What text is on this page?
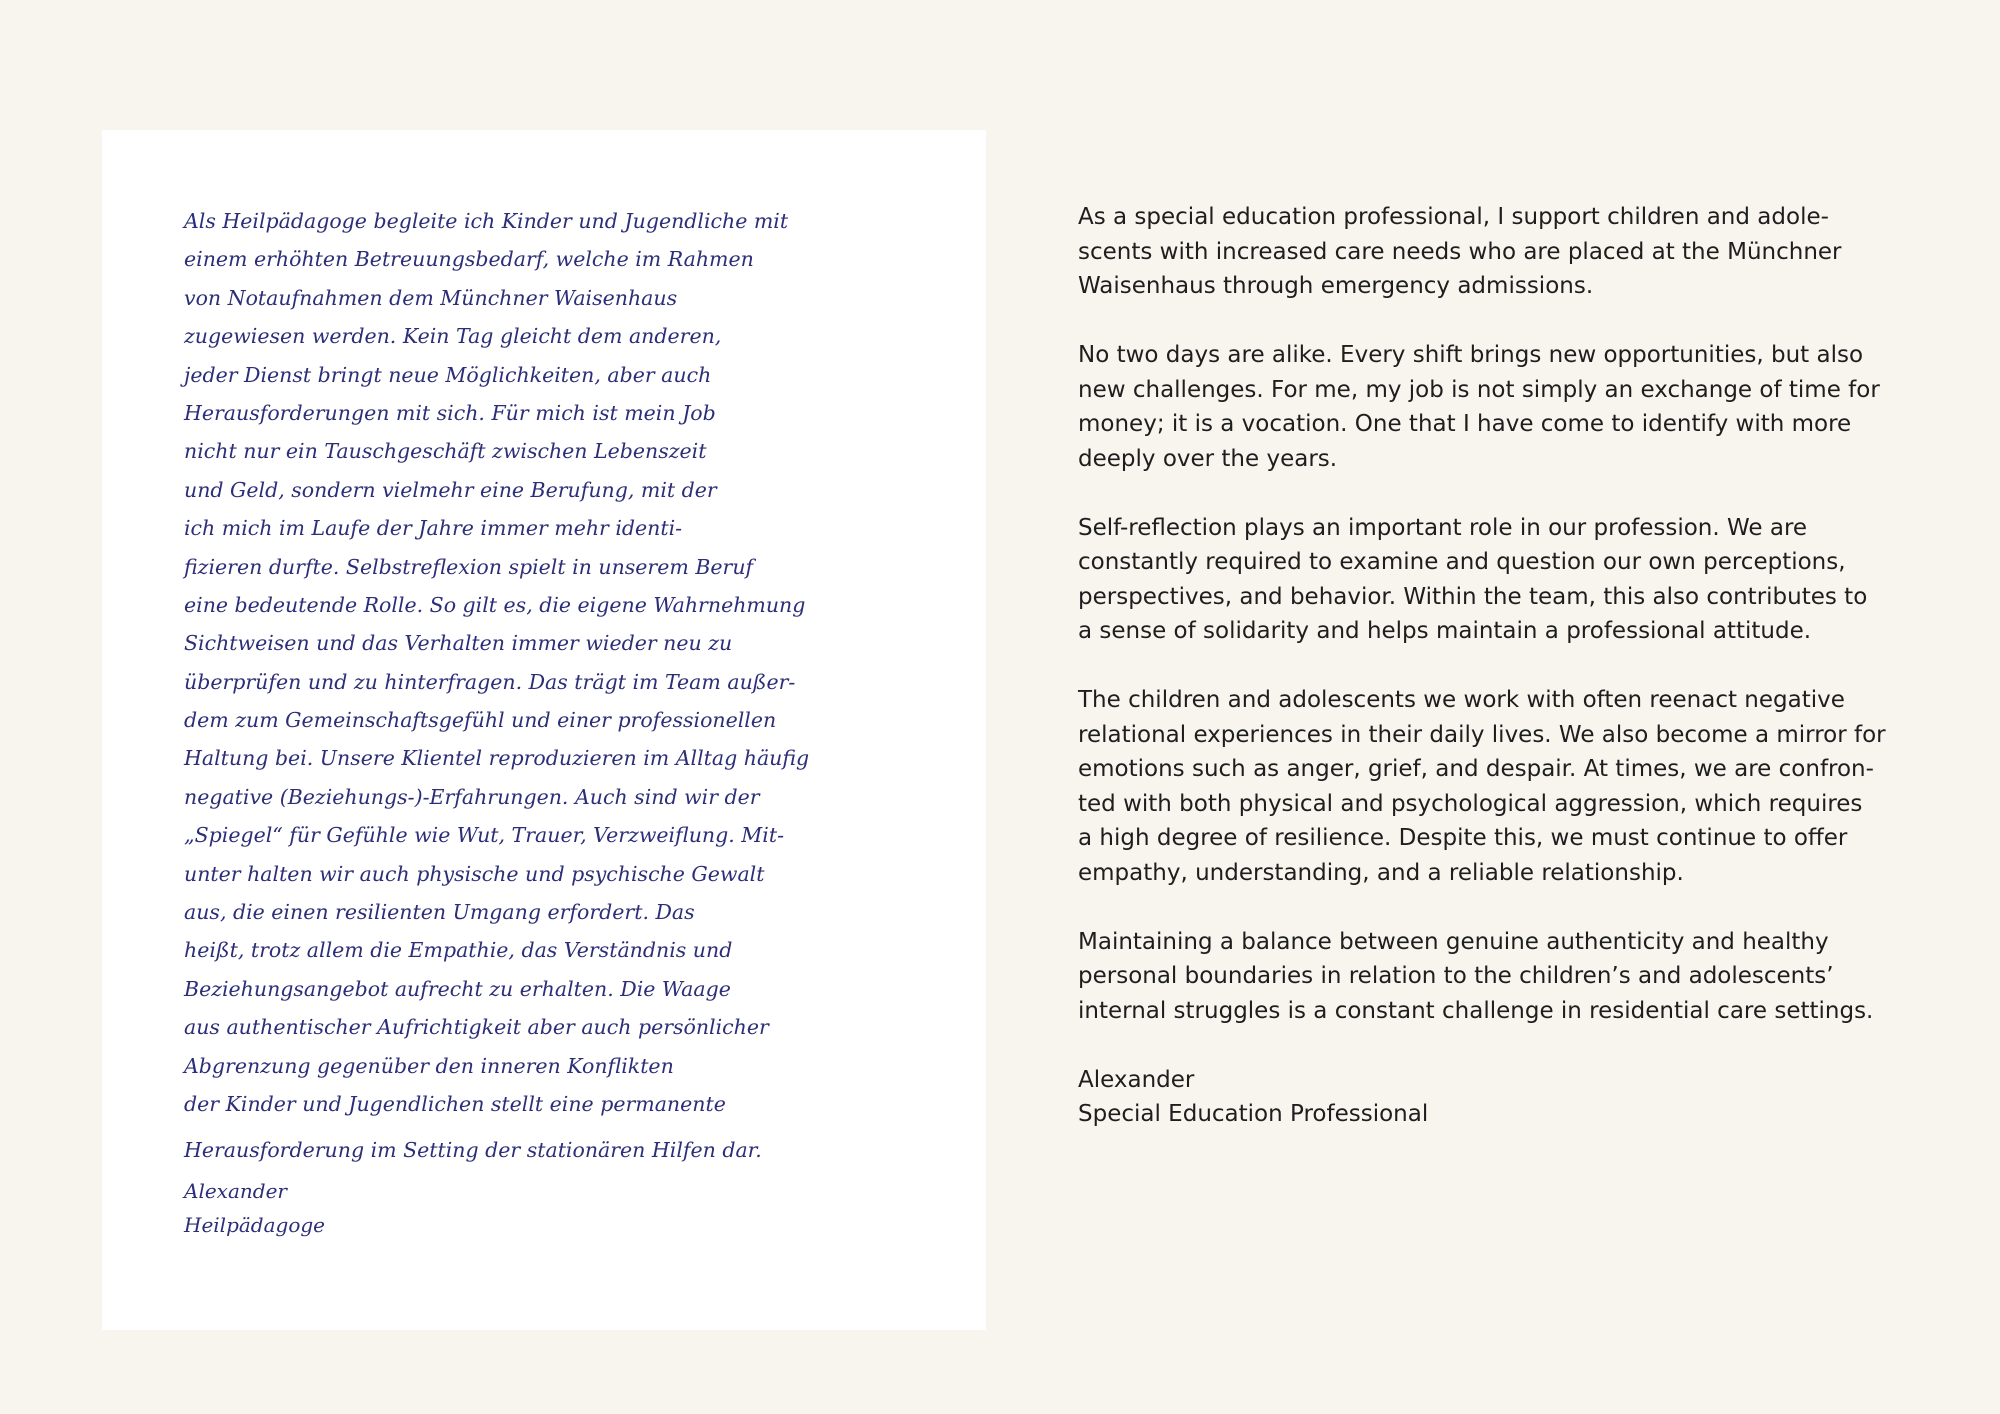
Als Heilpädagoge begleite ich Kinder und Jugendliche mit
einem erhöhten Betreuungsbedarf, welche im Rahmen
von Notaufnahmen dem Münchner Waisenhaus
zugewiesen werden. Kein Tag gleicht dem anderen,
jeder Dienst bringt neue Möglichkeiten, aber auch
Herausforderungen mit sich. Für mich ist mein Job
nicht nur ein Tauschgeschäft zwischen Lebenszeit
und Geld, sondern vielmehr eine Berufung, mit der
ich mich im Laufe der Jahre immer mehr identi-
fizieren durfte. Selbstreflexion spielt in unserem Beruf
eine bedeutende Rolle. So gilt es, die eigene Wahrnehmung
Sichtweisen und das Verhalten immer wieder neu zu
überprüfen und zu hinterfragen. Das trägt im Team außer-
dem zum Gemeinschaftsgefühl und einer professionellen
Haltung bei. Unsere Klientel reproduzieren im Alltag häufig
negative (Beziehungs-)-Erfahrungen. Auch sind wir der
„Spiegel“ für Gefühle wie Wut, Trauer, Verzweiflung. Mit-
unter halten wir auch physische und psychische Gewalt
aus, die einen resilienten Umgang erfordert. Das
heißt, trotz allem die Empathie, das Verständnis und
Beziehungsangebot aufrecht zu erhalten. Die Waage
aus authentischer Aufrichtigkeit aber auch persönlicher
Abgrenzung gegenüber den inneren Konflikten
der Kinder und Jugendlichen stellt eine permanente
Herausforderung im Setting der stationären Hilfen dar.
Alexander
Heilpädagoge

As a special education professional, I support children and adole-
scents with increased care needs who are placed at the Münchner
Waisenhaus through emergency admissions.

No two days are alike. Every shift brings new opportunities, but also
new challenges. For me, my job is not simply an exchange of time for
money; it is a vocation. One that I have come to identify with more
deeply over the years.

Self-reflection plays an important role in our profession. We are
constantly required to examine and question our own perceptions,
perspectives, and behavior. Within the team, this also contributes to
a sense of solidarity and helps maintain a professional attitude.

The children and adolescents we work with often reenact negative
relational experiences in their daily lives. We also become a mirror for
emotions such as anger, grief, and despair. At times, we are confron-
ted with both physical and psychological aggression, which requires
a high degree of resilience. Despite this, we must continue to offer
empathy, understanding, and a reliable relationship.

Maintaining a balance between genuine authenticity and healthy
personal boundaries in relation to the children’s and adolescents’
internal struggles is a constant challenge in residential care settings.

Alexander
Special Education Professional
